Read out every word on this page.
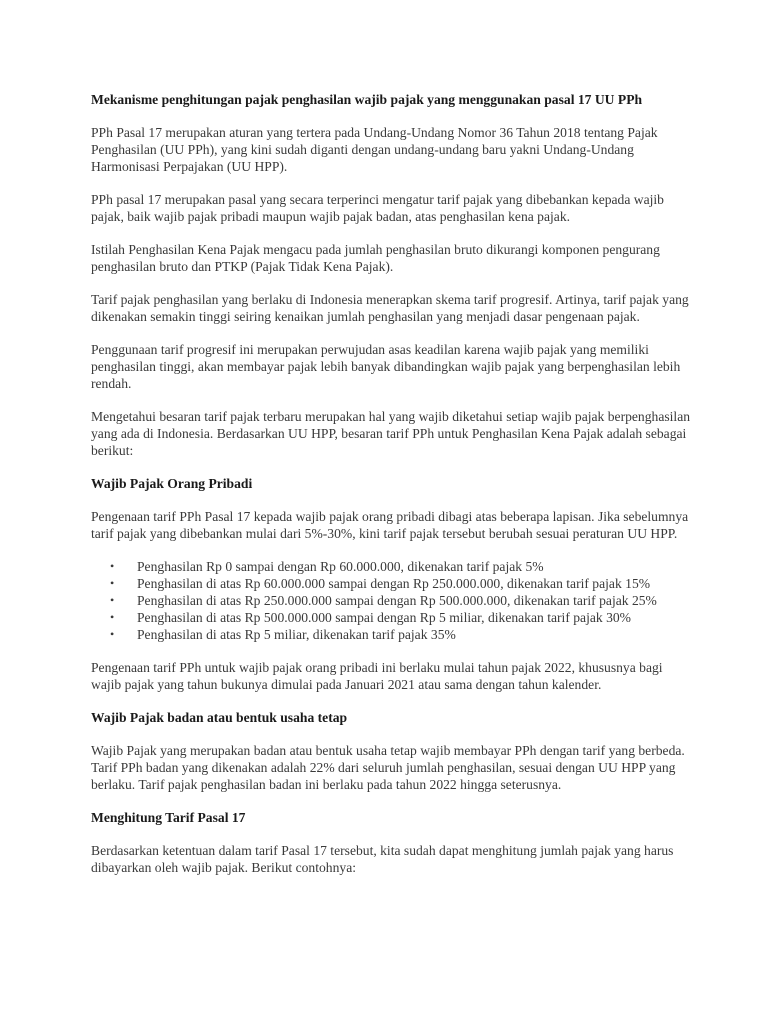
Mekanisme penghitungan pajak penghasilan wajib pajak yang menggunakan pasal 17 UU PPh

PPh Pasal 17 merupakan aturan yang tertera pada Undang-Undang Nomor 36 Tahun 2018 tentang Pajak Penghasilan (UU PPh), yang kini sudah diganti dengan undang-undang baru yakni Undang-Undang Harmonisasi Perpajakan (UU HPP).

PPh pasal 17 merupakan pasal yang secara terperinci mengatur tarif pajak yang dibebankan kepada wajib pajak, baik wajib pajak pribadi maupun wajib pajak badan, atas penghasilan kena pajak.

Istilah Penghasilan Kena Pajak mengacu pada jumlah penghasilan bruto dikurangi komponen pengurang penghasilan bruto dan PTKP (Pajak Tidak Kena Pajak).

Tarif pajak penghasilan yang berlaku di Indonesia menerapkan skema tarif progresif. Artinya, tarif pajak yang dikenakan semakin tinggi seiring kenaikan jumlah penghasilan yang menjadi dasar pengenaan pajak.

Penggunaan tarif progresif ini merupakan perwujudan asas keadilan karena wajib pajak yang memiliki penghasilan tinggi, akan membayar pajak lebih banyak dibandingkan wajib pajak yang berpenghasilan lebih rendah.

Mengetahui besaran tarif pajak terbaru merupakan hal yang wajib diketahui setiap wajib pajak berpenghasilan yang ada di Indonesia. Berdasarkan UU HPP, besaran tarif PPh untuk Penghasilan Kena Pajak adalah sebagai berikut:

Wajib Pajak Orang Pribadi

Pengenaan tarif PPh Pasal 17 kepada wajib pajak orang pribadi dibagi atas beberapa lapisan. Jika sebelumnya tarif pajak yang dibebankan mulai dari 5%-30%, kini tarif pajak tersebut berubah sesuai peraturan UU HPP.

• Penghasilan Rp 0 sampai dengan Rp 60.000.000, dikenakan tarif pajak 5%
• Penghasilan di atas Rp 60.000.000 sampai dengan Rp 250.000.000, dikenakan tarif pajak 15%
• Penghasilan di atas Rp 250.000.000 sampai dengan Rp 500.000.000, dikenakan tarif pajak 25%
• Penghasilan di atas Rp 500.000.000 sampai dengan Rp 5 miliar, dikenakan tarif pajak 30%
• Penghasilan di atas Rp 5 miliar, dikenakan tarif pajak 35%

Pengenaan tarif PPh untuk wajib pajak orang pribadi ini berlaku mulai tahun pajak 2022, khususnya bagi wajib pajak yang tahun bukunya dimulai pada Januari 2021 atau sama dengan tahun kalender.

Wajib Pajak badan atau bentuk usaha tetap

Wajib Pajak yang merupakan badan atau bentuk usaha tetap wajib membayar PPh dengan tarif yang berbeda. Tarif PPh badan yang dikenakan adalah 22% dari seluruh jumlah penghasilan, sesuai dengan UU HPP yang berlaku. Tarif pajak penghasilan badan ini berlaku pada tahun 2022 hingga seterusnya.

Menghitung Tarif Pasal 17

Berdasarkan ketentuan dalam tarif Pasal 17 tersebut, kita sudah dapat menghitung jumlah pajak yang harus dibayarkan oleh wajib pajak. Berikut contohnya:
